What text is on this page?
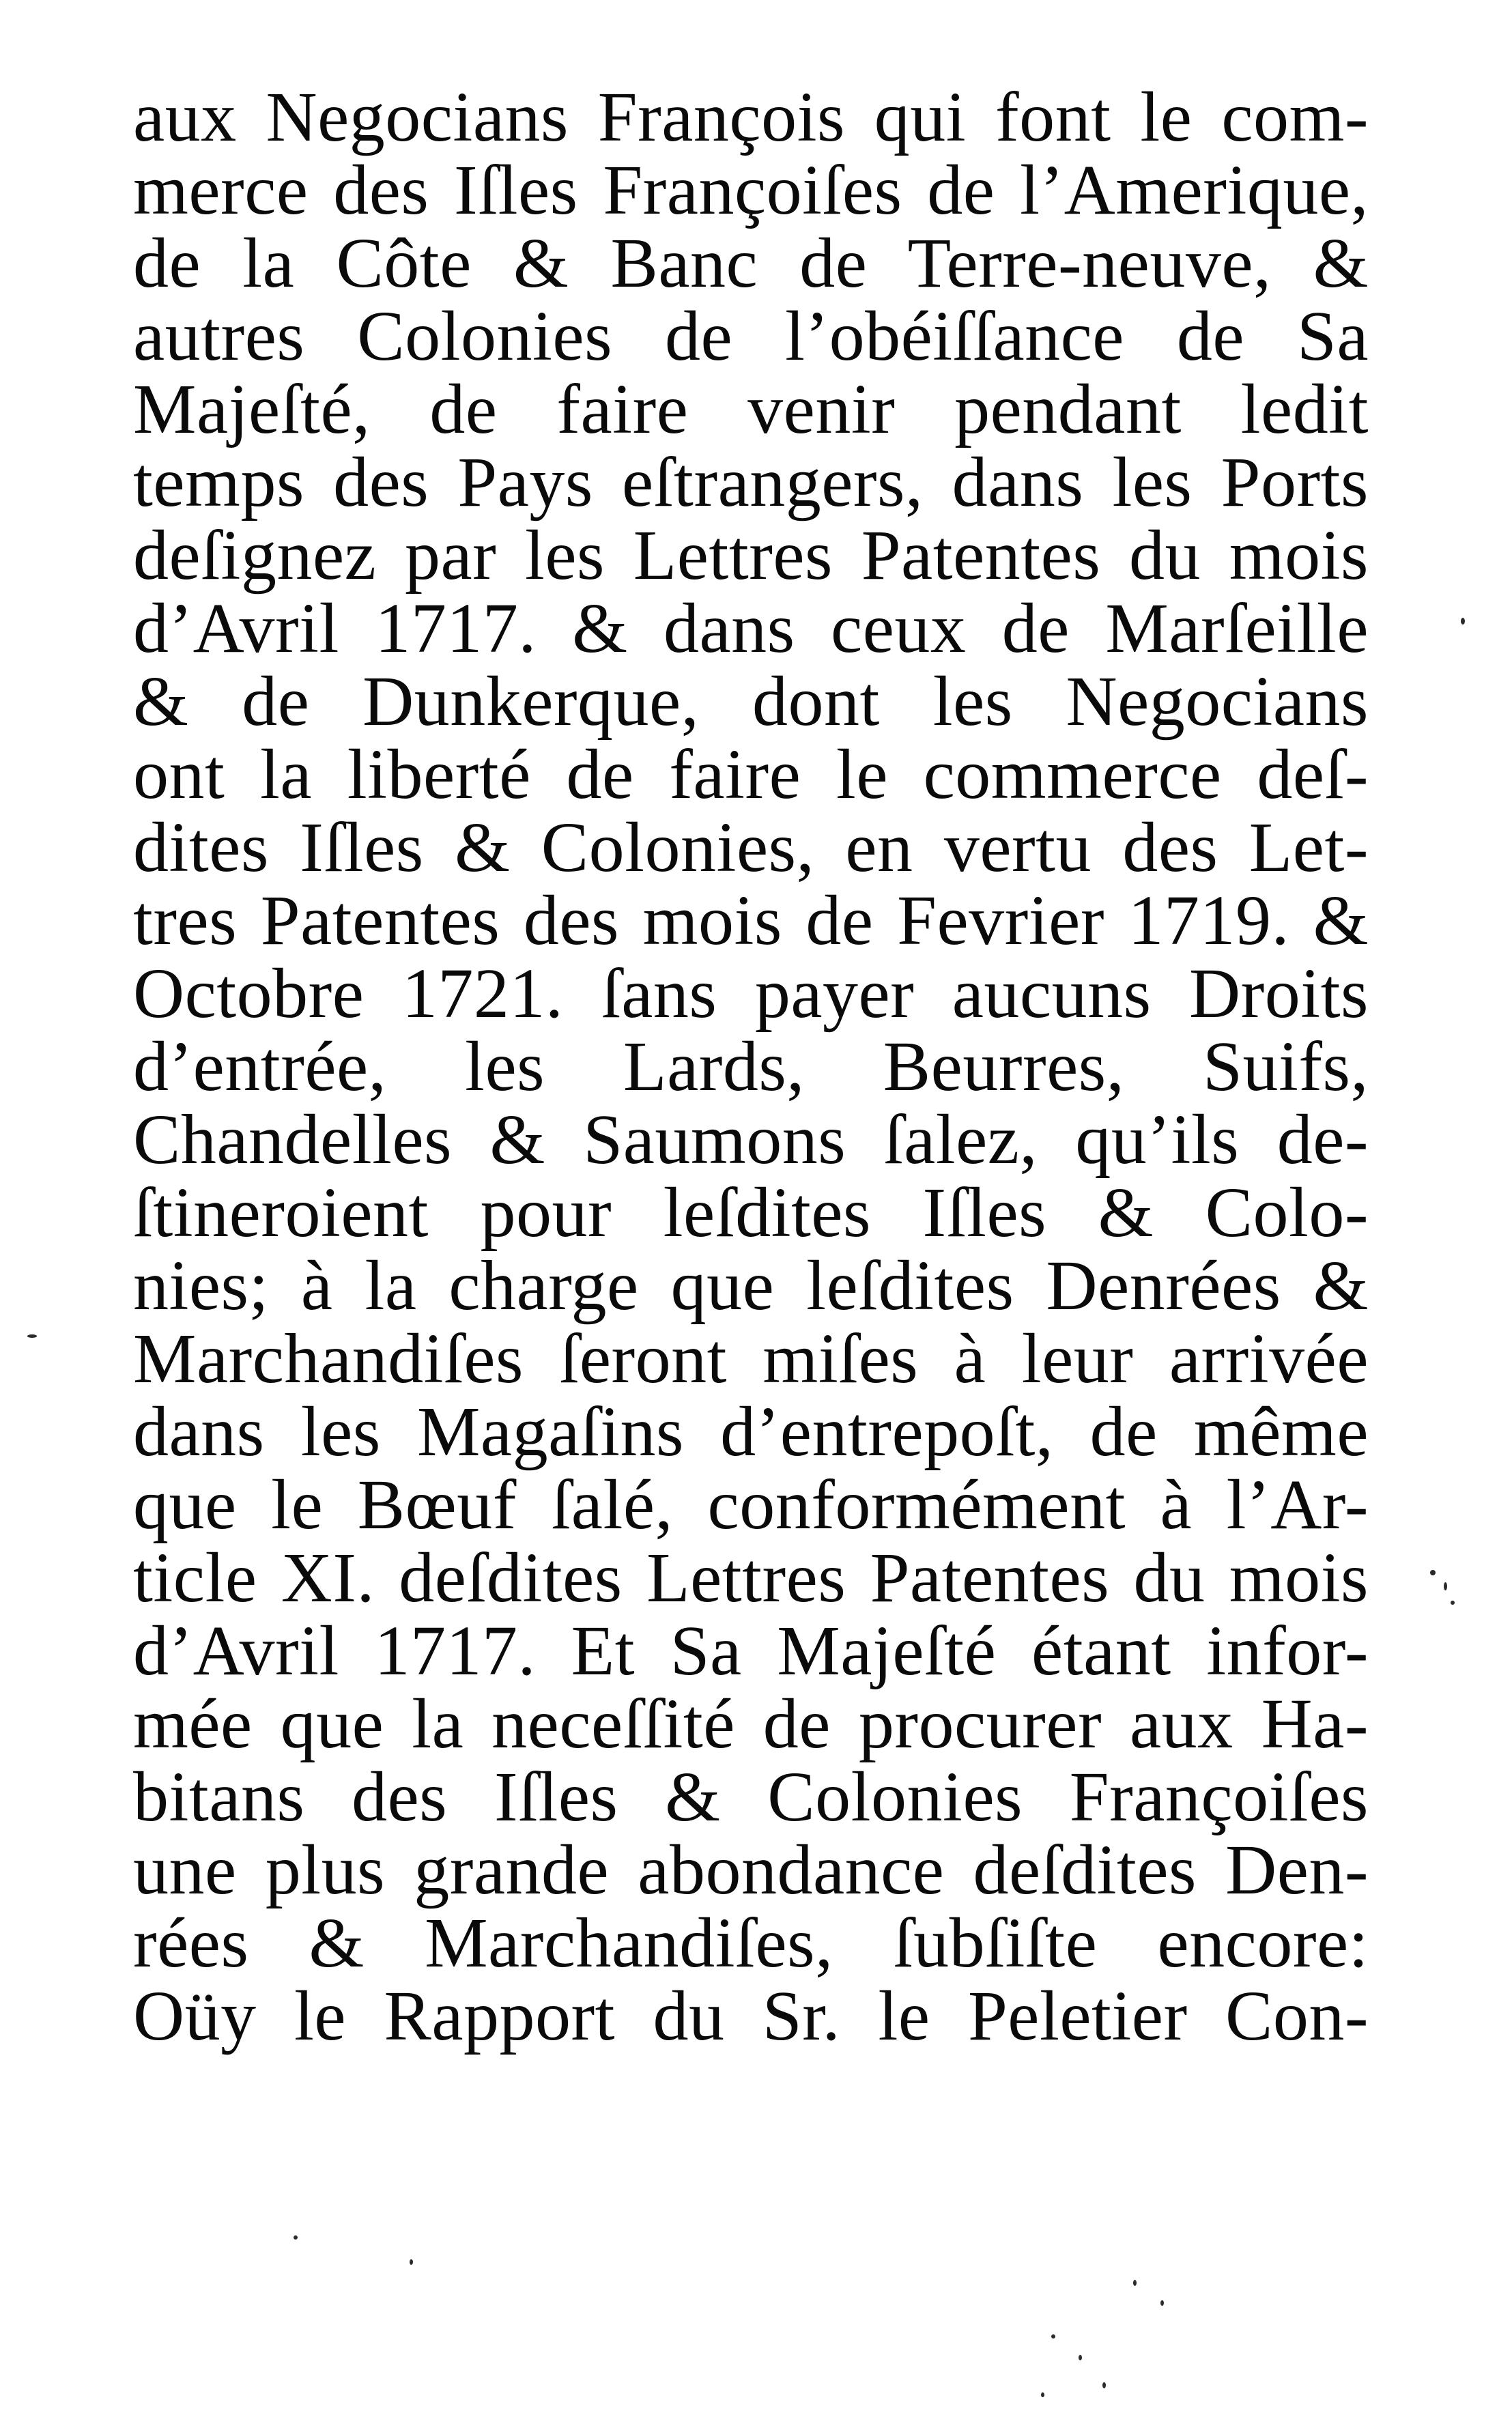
aux Negocians François qui font le com-
merce des Iſles Françoiſes de l’Amerique,
de la Côte & Banc de Terre-neuve, &
autres Colonies de l’obéiſſance de Sa
Majeſté, de faire venir pendant ledit
temps des Pays eſtrangers, dans les Ports
deſignez par les Lettres Patentes du mois
d’Avril 1717. & dans ceux de Marſeille
& de Dunkerque, dont les Negocians
ont la liberté de faire le commerce deſ-
dites Iſles & Colonies, en vertu des Let-
tres Patentes des mois de Fevrier 1719. &
Octobre 1721. ſans payer aucuns Droits
d’entrée, les Lards, Beurres, Suifs,
Chandelles & Saumons ſalez, qu’ils de-
ſtineroient pour leſdites Iſles & Colo-
nies; à la charge que leſdites Denrées &
Marchandiſes ſeront miſes à leur arrivée
dans les Magaſins d’entrepoſt, de même
que le Bœuf ſalé, conformément à l’Ar-
ticle XI. deſdites Lettres Patentes du mois
d’Avril 1717. Et Sa Majeſté étant infor-
mée que la neceſſité de procurer aux Ha-
bitans des Iſles & Colonies Françoiſes
une plus grande abondance deſdites Den-
rées & Marchandiſes, ſubſiſte encore:
Oüy le Rapport du Sr. le Peletier Con-
